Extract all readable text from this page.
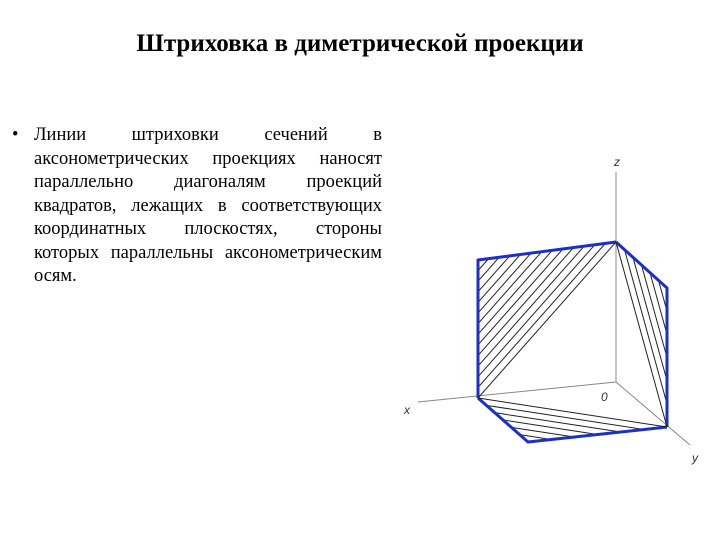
Штриховка в диметрической проекции
• Линии штриховки сечений в аксонометрических проекциях наносят параллельно диагоналям проекций квадратов, лежащих в соответствующих координатных плоскостях, стороны которых параллельны аксонометрическим осям.
z
x
y
0
